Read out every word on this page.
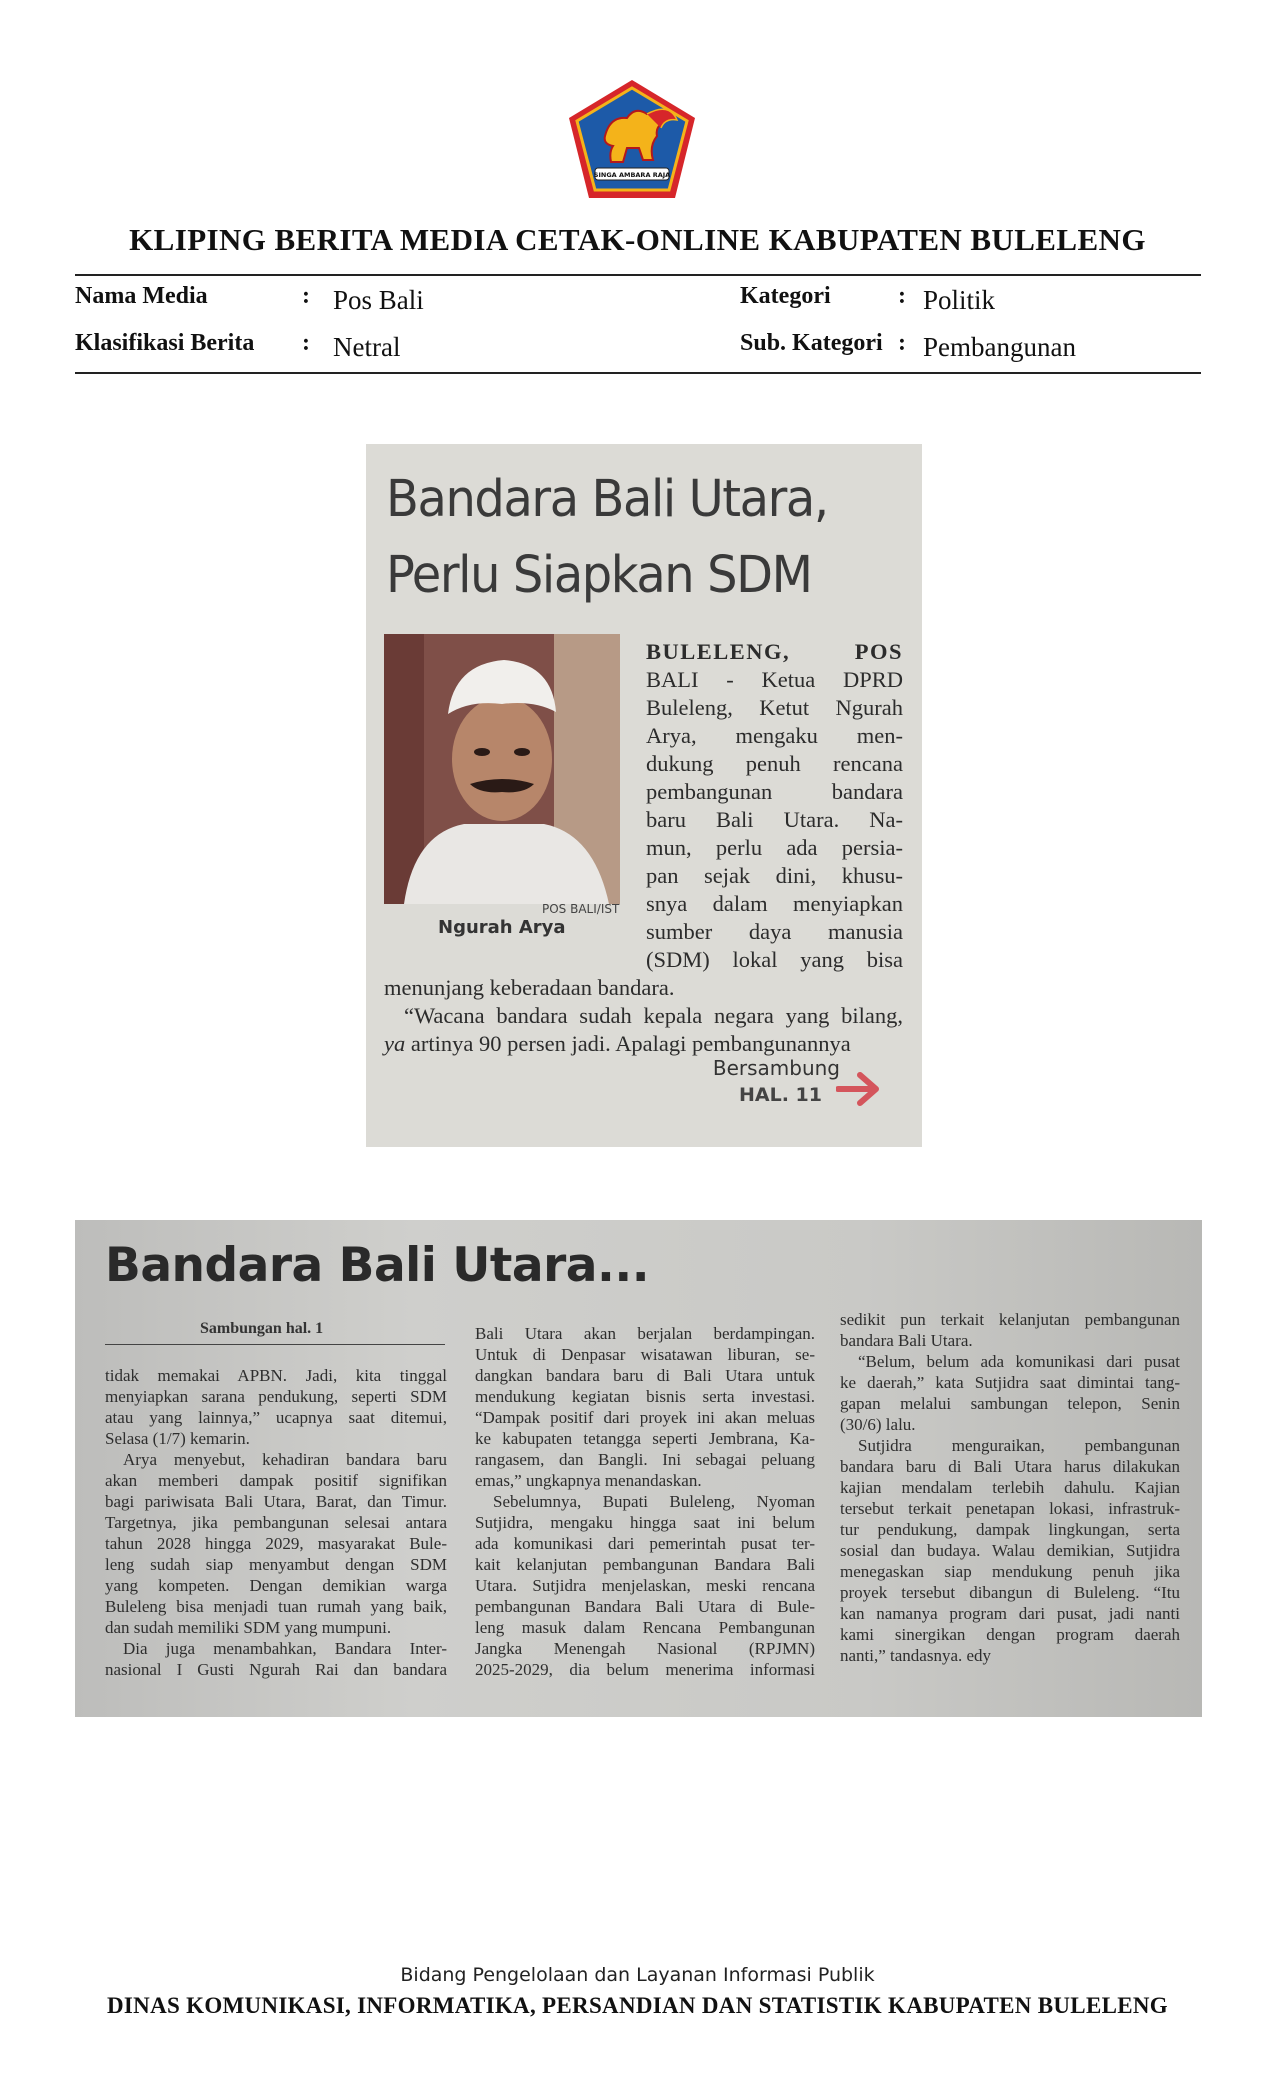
SINGA AMBARA RAJA
KLIPING BERITA MEDIA CETAK-ONLINE KABUPATEN BULELENG
Nama Media	: Pos Bali	Kategori	: Politik
Klasifikasi Berita : Netral	Sub. Kategori : Pembangunan
Bandara Bali Utara,
Perlu Siapkan SDM
POS BALI/IST
Ngurah Arya
BULELENG, POS
BALI - Ketua DPRD
Buleleng, Ketut Ngurah
Arya, mengaku men-
dukung penuh rencana
pembangunan bandara
baru Bali Utara. Na-
mun, perlu ada persia-
pan sejak dini, khusu-
snya dalam menyiapkan
sumber daya manusia
(SDM) lokal yang bisa
menunjang keberadaan bandara.
“Wacana bandara sudah kepala negara yang bilang,
ya artinya 90 persen jadi. Apalagi pembangunannya
Bersambung
HAL. 11
Bandara Bali Utara...
Sambungan hal. 1
tidak memakai APBN. Jadi, kita tinggal
menyiapkan sarana pendukung, seperti SDM
atau yang lainnya,” ucapnya saat ditemui,
Selasa (1/7) kemarin.
Arya menyebut, kehadiran bandara baru
akan memberi dampak positif signifikan
bagi pariwisata Bali Utara, Barat, dan Timur.
Targetnya, jika pembangunan selesai antara
tahun 2028 hingga 2029, masyarakat Bule-
leng sudah siap menyambut dengan SDM
yang kompeten. Dengan demikian warga
Buleleng bisa menjadi tuan rumah yang baik,
dan sudah memiliki SDM yang mumpuni.
Dia juga menambahkan, Bandara Inter-
nasional I Gusti Ngurah Rai dan bandara
Bali Utara akan berjalan berdampingan.
Untuk di Denpasar wisatawan liburan, se-
dangkan bandara baru di Bali Utara untuk
mendukung kegiatan bisnis serta investasi.
“Dampak positif dari proyek ini akan meluas
ke kabupaten tetangga seperti Jembrana, Ka-
rangasem, dan Bangli. Ini sebagai peluang
emas,” ungkapnya menandaskan.
Sebelumnya, Bupati Buleleng, Nyoman
Sutjidra, mengaku hingga saat ini belum
ada komunikasi dari pemerintah pusat ter-
kait kelanjutan pembangunan Bandara Bali
Utara. Sutjidra menjelaskan, meski rencana
pembangunan Bandara Bali Utara di Bule-
leng masuk dalam Rencana Pembangunan
Jangka Menengah Nasional (RPJMN)
2025-2029, dia belum menerima informasi
sedikit pun terkait kelanjutan pembangunan
bandara Bali Utara.
“Belum, belum ada komunikasi dari pusat
ke daerah,” kata Sutjidra saat dimintai tang-
gapan melalui sambungan telepon, Senin
(30/6) lalu.
Sutjidra menguraikan, pembangunan
bandara baru di Bali Utara harus dilakukan
kajian mendalam terlebih dahulu. Kajian
tersebut terkait penetapan lokasi, infrastruk-
tur pendukung, dampak lingkungan, serta
sosial dan budaya. Walau demikian, Sutjidra
menegaskan siap mendukung penuh jika
proyek tersebut dibangun di Buleleng. “Itu
kan namanya program dari pusat, jadi nanti
kami sinergikan dengan program daerah
nanti,” tandasnya. edy
Bidang Pengelolaan dan Layanan Informasi Publik
DINAS KOMUNIKASI, INFORMATIKA, PERSANDIAN DAN STATISTIK KABUPATEN BULELENG
